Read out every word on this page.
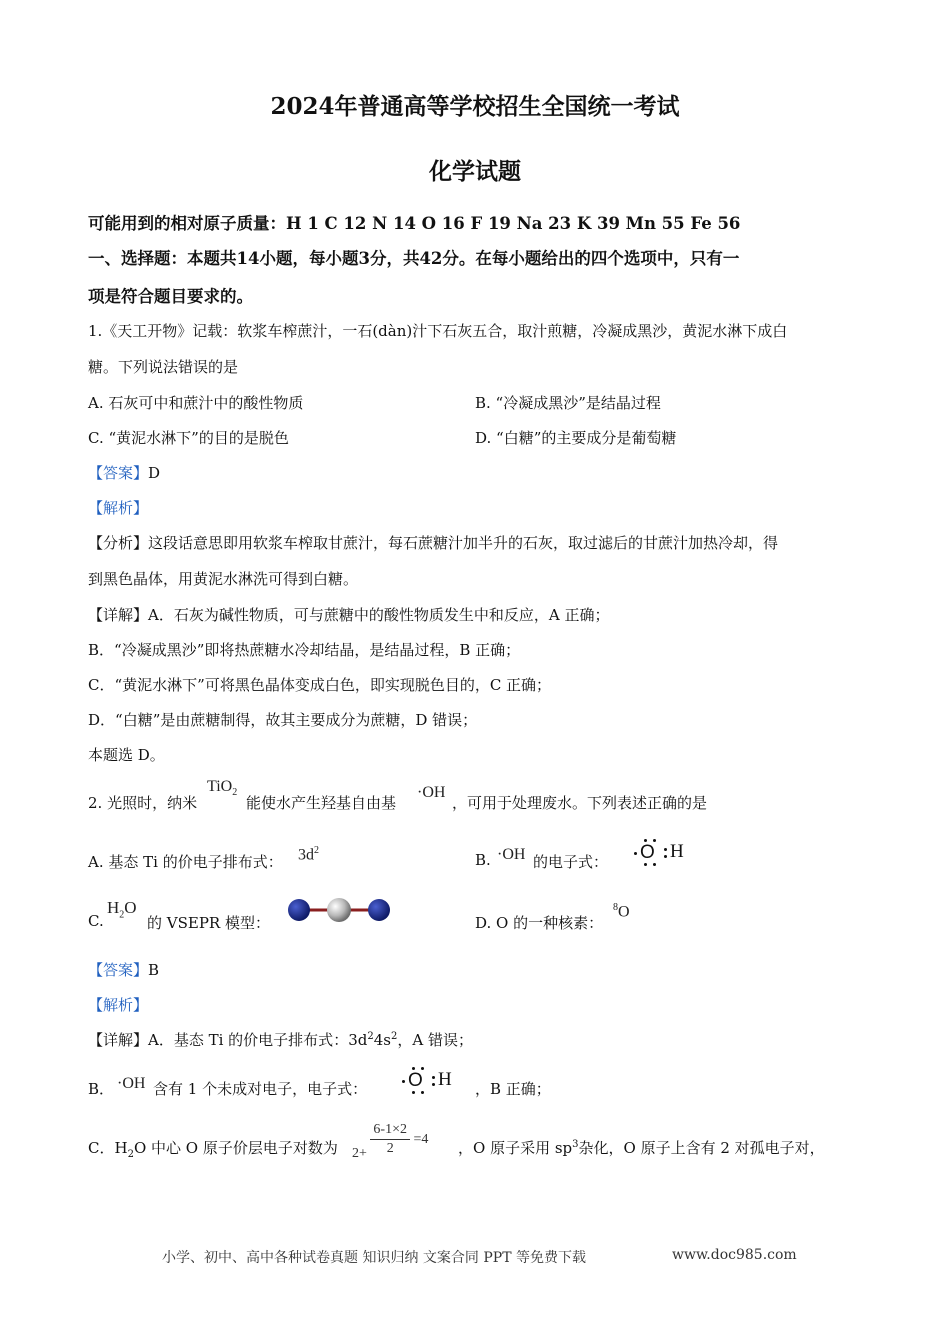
2024年普通高等学校招生全国统一考试
化学试题
可能用到的相对原子质量：H 1 C 12 N 14 O 16 F 19 Na 23 K 39 Mn 55 Fe 56
一、选择题：本题共14小题，每小题3分，共42分。在每小题给出的四个选项中，只有一
项是符合题目要求的。
1.《天工开物》记载：软浆车榨蔗汁，一石(dàn)汁下石灰五合，取汁煎糖，冷凝成黑沙，黄泥水淋下成白
糖。下列说法错误的是
A. 石灰可中和蔗汁中的酸性物质	B. “冷凝成黑沙”是结晶过程
C. “黄泥水淋下”的目的是脱色	D. “白糖”的主要成分是葡萄糖
【答案】D
【解析】
【分析】这段话意思即用软浆车榨取甘蔗汁，每石蔗糖汁加半升的石灰，取过滤后的甘蔗汁加热冷却，得
到黑色晶体，用黄泥水淋洗可得到白糖。
【详解】A．石灰为碱性物质，可与蔗糖中的酸性物质发生中和反应，A 正确；
B．“冷凝成黑沙”即将热蔗糖水冷却结晶，是结晶过程，B 正确；
C．“黄泥水淋下”可将黑色晶体变成白色，即实现脱色目的，C 正确；
D．“白糖”是由蔗糖制得，故其主要成分为蔗糖，D 错误；
本题选 D。
2. 光照时，纳米
TiO$_2$
能使水产生羟基自由基
·OH
，可用于处理废水。下列表述正确的是
A. 基态 Ti 的价电子排布式： $3d^2$
B. ·OH 的电子式： O H
C.
$H_2O$
的 VSEPR 模型：	D. O 的一种核素：
$^8$O
【答案】B
【解析】
【详解】A．基态 Ti 的价电子排布式：$3d^24s^2$，A 错误；
B． ·OH 含有 1 个未成对电子，电子式： O H ，B 正确；
C．$H_2O$ 中心 O 原子价层电子对数为 $2+ \frac{6-1\times 2}{2} =4$ ，O 原子采用 $sp^3$杂化，O 原子上含有 2 对孤电子对，
小学、初中、高中各种试卷真题 知识归纳 文案合同 PPT 等免费下载	www.doc985.com
